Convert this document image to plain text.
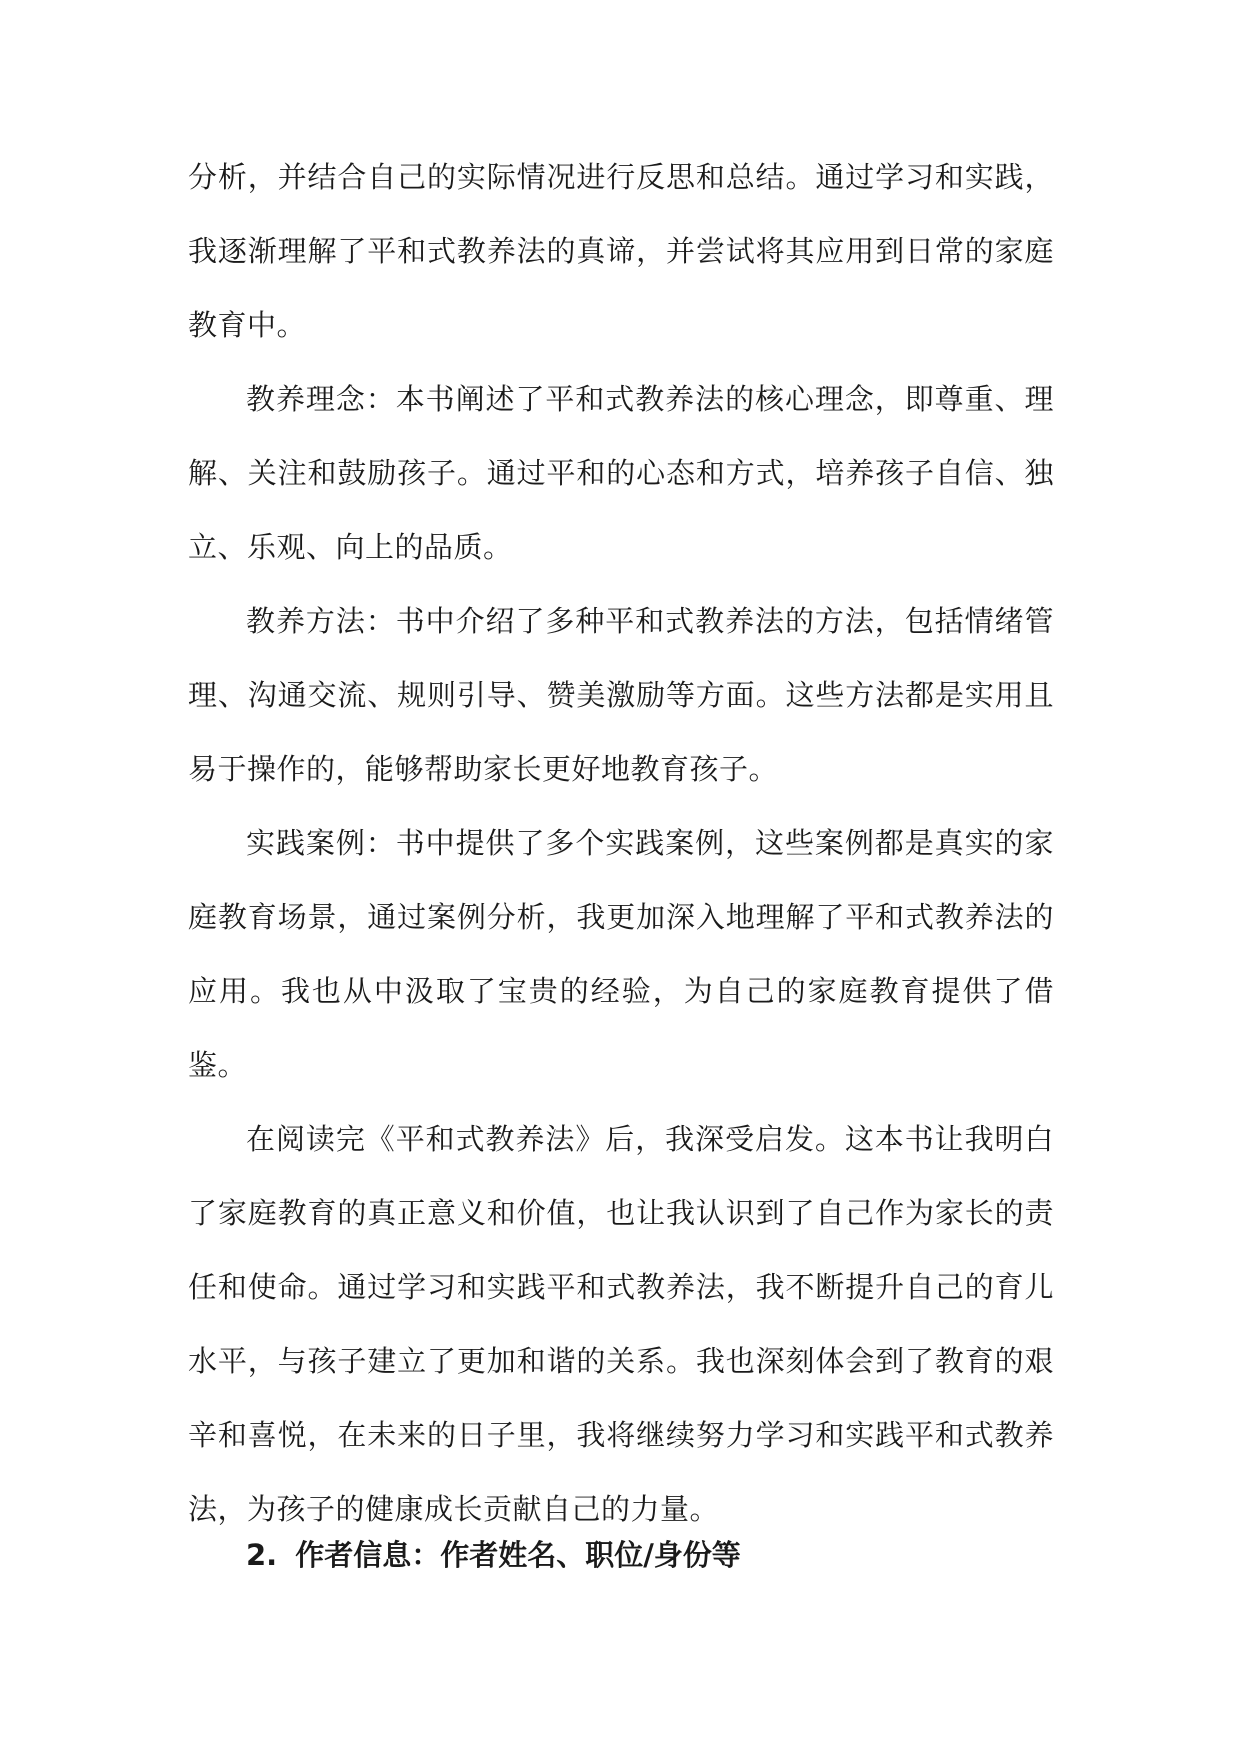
分析，并结合自己的实际情况进行反思和总结。通过学习和实践，我逐渐理解了平和式教养法的真谛，并尝试将其应用到日常的家庭教育中。

教养理念：本书阐述了平和式教养法的核心理念，即尊重、理解、关注和鼓励孩子。通过平和的心态和方式，培养孩子自信、独立、乐观、向上的品质。

教养方法：书中介绍了多种平和式教养法的方法，包括情绪管理、沟通交流、规则引导、赞美激励等方面。这些方法都是实用且易于操作的，能够帮助家长更好地教育孩子。

实践案例：书中提供了多个实践案例，这些案例都是真实的家庭教育场景，通过案例分析，我更加深入地理解了平和式教养法的应用。我也从中汲取了宝贵的经验，为自己的家庭教育提供了借鉴。

在阅读完《平和式教养法》后，我深受启发。这本书让我明白了家庭教育的真正意义和价值，也让我认识到了自己作为家长的责任和使命。通过学习和实践平和式教养法，我不断提升自己的育儿水平，与孩子建立了更加和谐的关系。我也深刻体会到了教育的艰辛和喜悦，在未来的日子里，我将继续努力学习和实践平和式教养法，为孩子的健康成长贡献自己的力量。

2. 作者信息：作者姓名、职位/身份等
